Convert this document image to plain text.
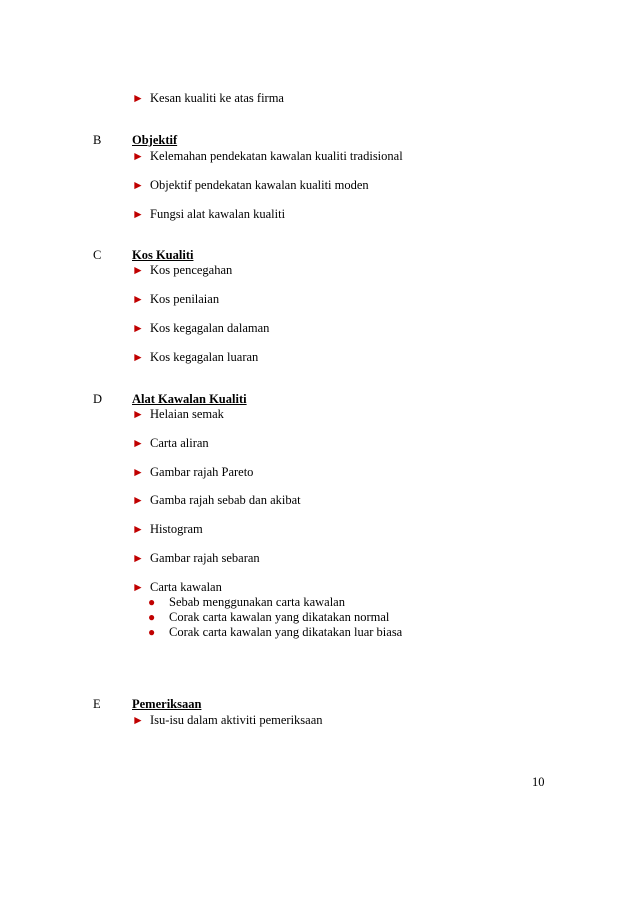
► Kesan kualiti ke atas firma
B Objektif
► Kelemahan pendekatan kawalan kualiti tradisional
► Objektif pendekatan kawalan kualiti moden
► Fungsi alat kawalan kualiti
C Kos Kualiti
► Kos pencegahan
► Kos penilaian
► Kos kegagalan dalaman
► Kos kegagalan luaran
D Alat Kawalan Kualiti
► Helaian semak
► Carta aliran
► Gambar rajah Pareto
► Gamba rajah sebab dan akibat
► Histogram
► Gambar rajah sebaran
► Carta kawalan
● Sebab menggunakan carta kawalan
● Corak carta kawalan yang dikatakan normal
● Corak carta kawalan yang dikatakan luar biasa
E	Pemeriksaan
► Isu-isu dalam aktiviti pemeriksaan
10
